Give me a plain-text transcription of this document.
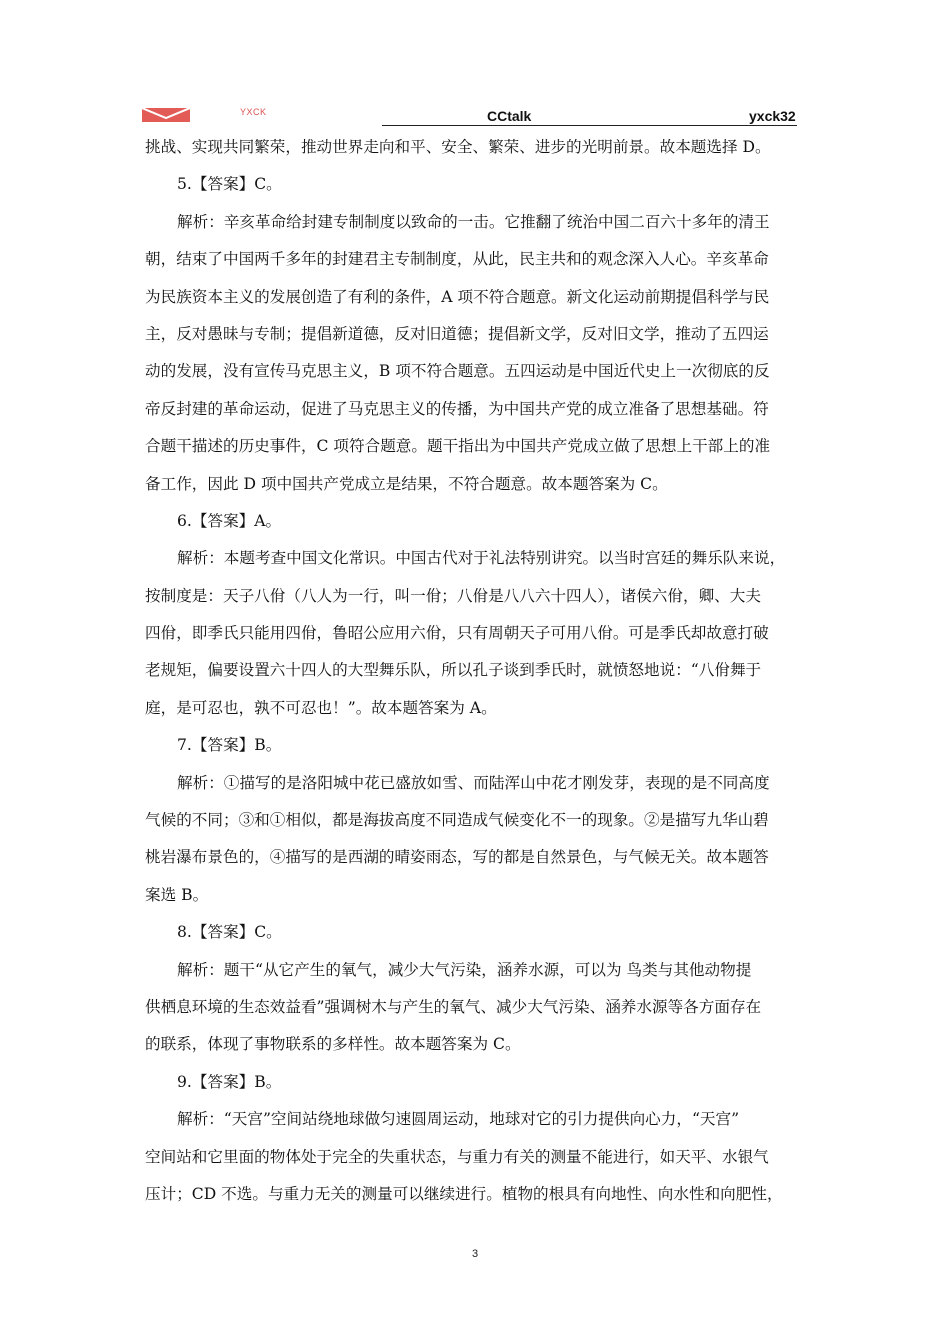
YXCK	CCtalk	yxck32
挑战、实现共同繁荣，推动世界走向和平、安全、繁荣、进步的光明前景。故本题选择 D。
5.【答案】C。
解析：辛亥革命给封建专制制度以致命的一击。它推翻了统治中国二百六十多年的清王
朝，结束了中国两千多年的封建君主专制制度，从此，民主共和的观念深入人心。辛亥革命
为民族资本主义的发展创造了有利的条件，A 项不符合题意。新文化运动前期提倡科学与民
主，反对愚昧与专制；提倡新道德，反对旧道德；提倡新文学，反对旧文学，推动了五四运
动的发展，没有宣传马克思主义，B 项不符合题意。五四运动是中国近代史上一次彻底的反
帝反封建的革命运动，促进了马克思主义的传播，为中国共产党的成立准备了思想基础。符
合题干描述的历史事件，C 项符合题意。题干指出为中国共产党成立做了思想上干部上的准
备工作，因此 D 项中国共产党成立是结果，不符合题意。故本题答案为 C。
6.【答案】A。
解析：本题考查中国文化常识。中国古代对于礼法特别讲究。以当时宫廷的舞乐队来说，
按制度是：天子八佾（八人为一行，叫一佾；八佾是八八六十四人），诸侯六佾，卿、大夫
四佾，即季氏只能用四佾，鲁昭公应用六佾，只有周朝天子可用八佾。可是季氏却故意打破
老规矩，偏要设置六十四人的大型舞乐队，所以孔子谈到季氏时，就愤怒地说：“八佾舞于
庭，是可忍也，孰不可忍也！”。故本题答案为 A。
7.【答案】B。
解析：①描写的是洛阳城中花已盛放如雪、而陆浑山中花才刚发芽，表现的是不同高度
气候的不同；③和①相似，都是海拔高度不同造成气候变化不一的现象。②是描写九华山碧
桃岩瀑布景色的，④描写的是西湖的晴姿雨态，写的都是自然景色，与气候无关。故本题答
案选 B。
8.【答案】C。
解析：题干“从它产生的氧气，减少大气污染，涵养水源，可以为 鸟类与其他动物提
供栖息环境的生态效益看”强调树木与产生的氧气、减少大气污染、涵养水源等各方面存在
的联系，体现了事物联系的多样性。故本题答案为 C。
9.【答案】B。
解析：“天宫”空间站绕地球做匀速圆周运动，地球对它的引力提供向心力，“天宫”
空间站和它里面的物体处于完全的失重状态，与重力有关的测量不能进行，如天平、水银气
压计；CD 不选。与重力无关的测量可以继续进行。植物的根具有向地性、向水性和向肥性，
3
